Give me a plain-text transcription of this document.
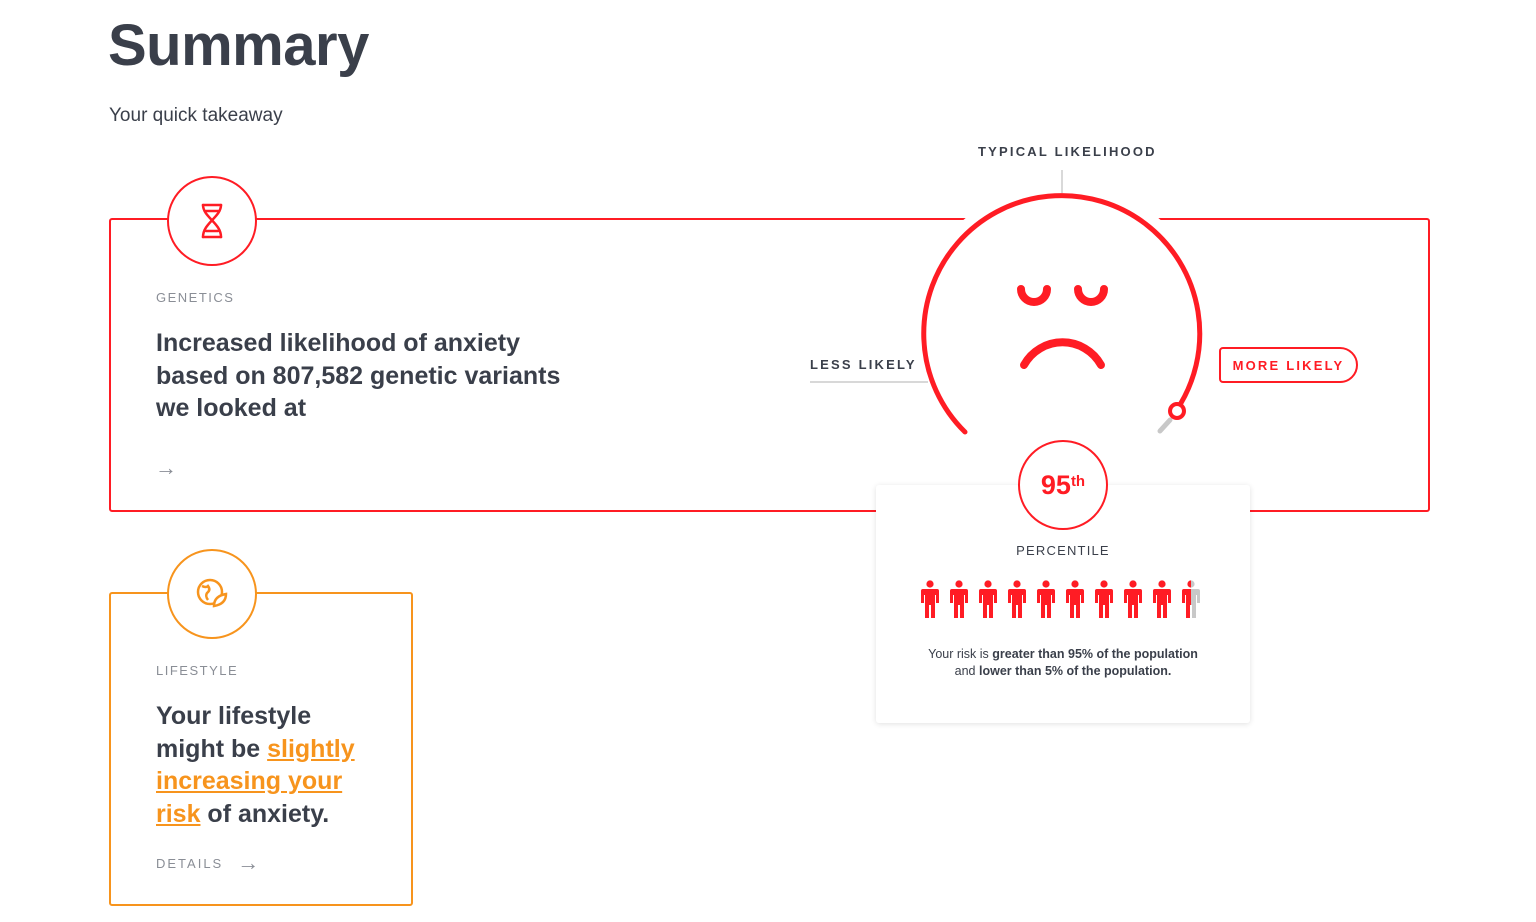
Summary
Your quick takeaway
GENETICS
Increased likelihood of anxiety based on 807,582 genetic variants we looked at
→
TYPICAL LIKELIHOOD
LESS LIKELY	MORE LIKELY
95th
PERCENTILE
Your risk is greater than 95% of the population
and lower than 5% of the population.
LIFESTYLE
Your lifestyle might be slightly increasing your risk of anxiety.
DETAILS →
